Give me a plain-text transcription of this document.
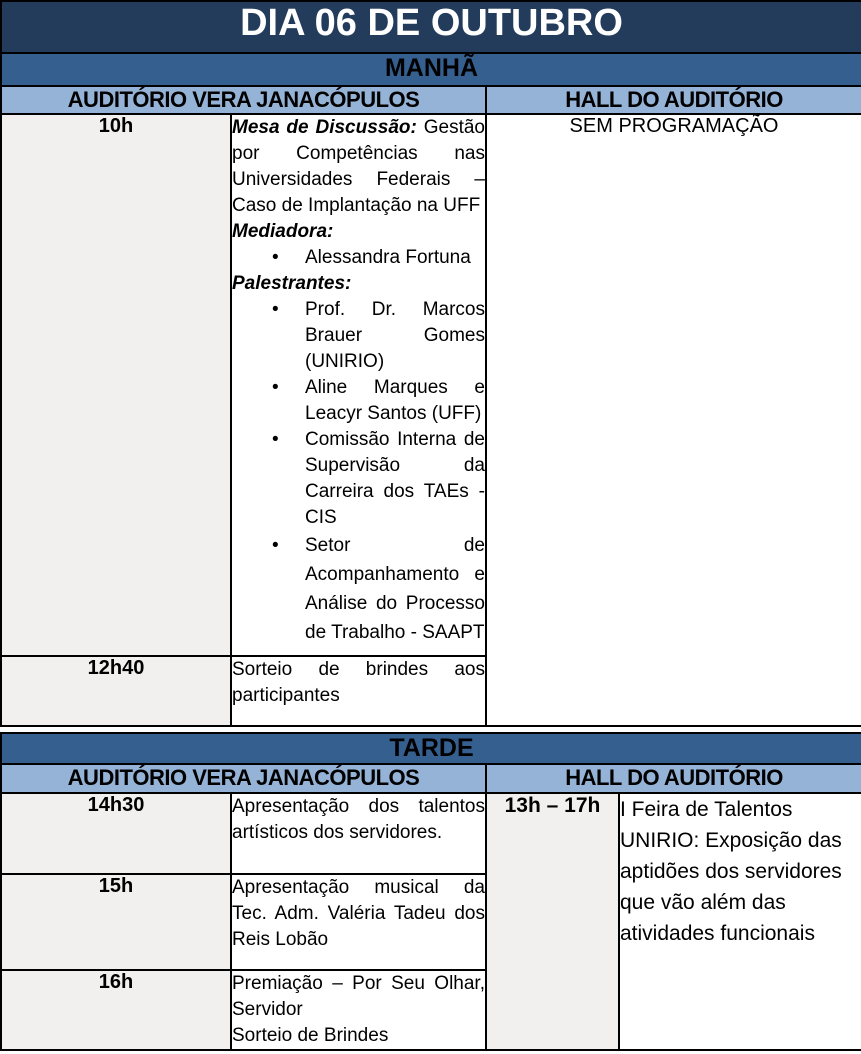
DIA 06 DE OUTUBRO		
MANHÃ		
AUDITÓRIO VERA JANACÓPULOS		HALL DO AUDITÓRIO
10h	Mesa de Discussão: Gestão por Competências nas Universidades Federais – Caso de Implantação na UFF

Mediadora:

• Alessandra Fortuna

Palestrantes:

• Prof. Dr. Marcos Brauer Gomes (UNIRIO)
• Aline Marques e Leacyr Santos (UFF)
• Comissão Interna de Supervisão da Carreira dos TAEs - CIS
• Setor de Acompanhamento e Análise do Processo de Trabalho - SAAPT
	SEM PROGRAMAÇÃO
12h40	Sorteio de brindes aos participantes	

TARDE			
AUDITÓRIO VERA JANACÓPULOS		HALL DO AUDITÓRIO	
14h30	Apresentação dos talentos artísticos dos servidores.	13h – 17h	I Feira de Talentos UNIRIO: Exposição das aptidões dos servidores que vão além das atividades funcionais
15h	Apresentação musical da Tec. Adm. Valéria Tadeu dos Reis Lobão		

16h	Premiação – Por Seu Olhar, Servidor

Sorteio de Brindes		
